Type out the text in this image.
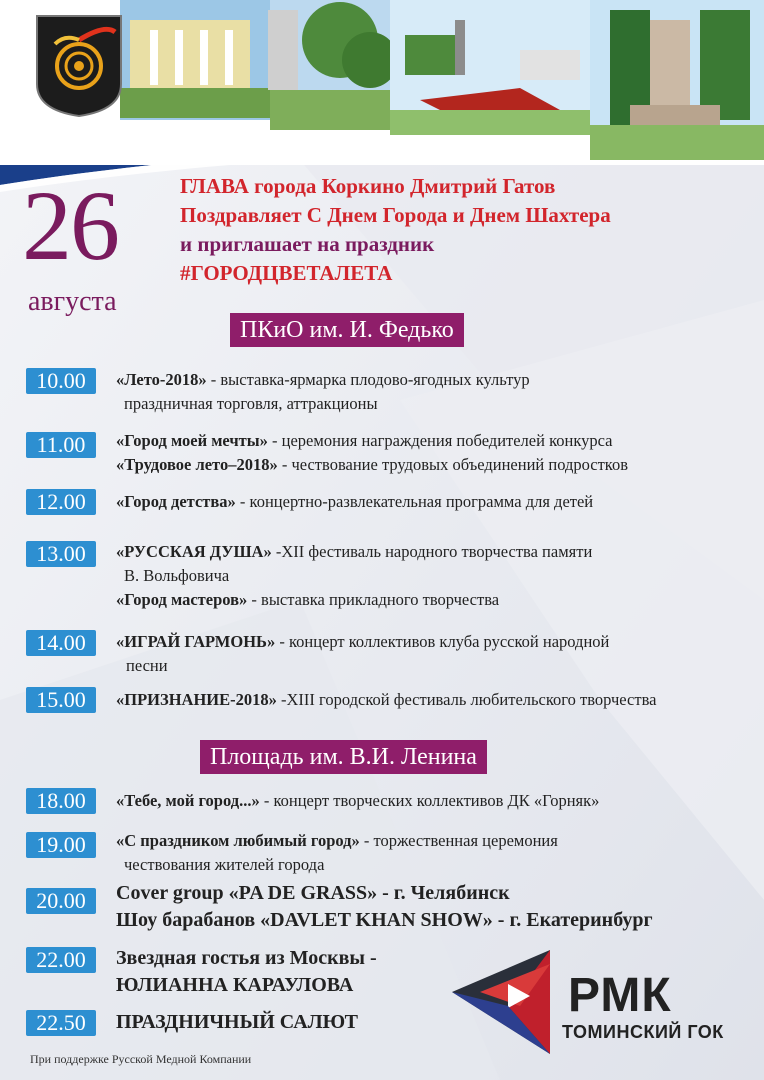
26
августа
ГЛАВА города Коркино Дмитрий Гатов
Поздравляет С Днем Города и Днем Шахтера
и приглашает на праздник
#ГОРОДЦВЕТАЛЕТА
ПКиО им. И. Федько
10.00	«Лето-2018» - выставка-ярмарка плодово-ягодных культур
праздничная торговля, аттракционы
11.00	«Город моей мечты» - церемония награждения победителей конкурса
«Трудовое лето–2018» - чествование трудовых объединений подростков
12.00	«Город детства» - концертно-развлекательная программа для детей
13.00	«РУССКАЯ ДУША» -XII фестиваль народного творчества памяти
В. Вольфовича
«Город мастеров» - выставка прикладного творчества
14.00	«ИГРАЙ ГАРМОНЬ» - концерт коллективов клуба русской народной
песни
15.00	«ПРИЗНАНИЕ-2018» -XIII городской фестиваль любительского творчества
Площадь им. В.И. Ленина
18.00	«Тебе, мой город...» - концерт творческих коллективов ДК «Горняк»
19.00	«С праздником любимый город» - торжественная церемония
чествования жителей города
20.00	Cover group «PA DE GRASS» - г. Челябинск
Шоу барабанов «DAVLET KHAN SHOW» - г. Екатеринбург
22.00	Звездная гостья из Москвы -
ЮЛИАННА КАРАУЛОВА
22.50	ПРАЗДНИЧНЫЙ САЛЮТ	РМК
ТОМИНСКИЙ ГОК
При поддержке Русской Медной Компании
